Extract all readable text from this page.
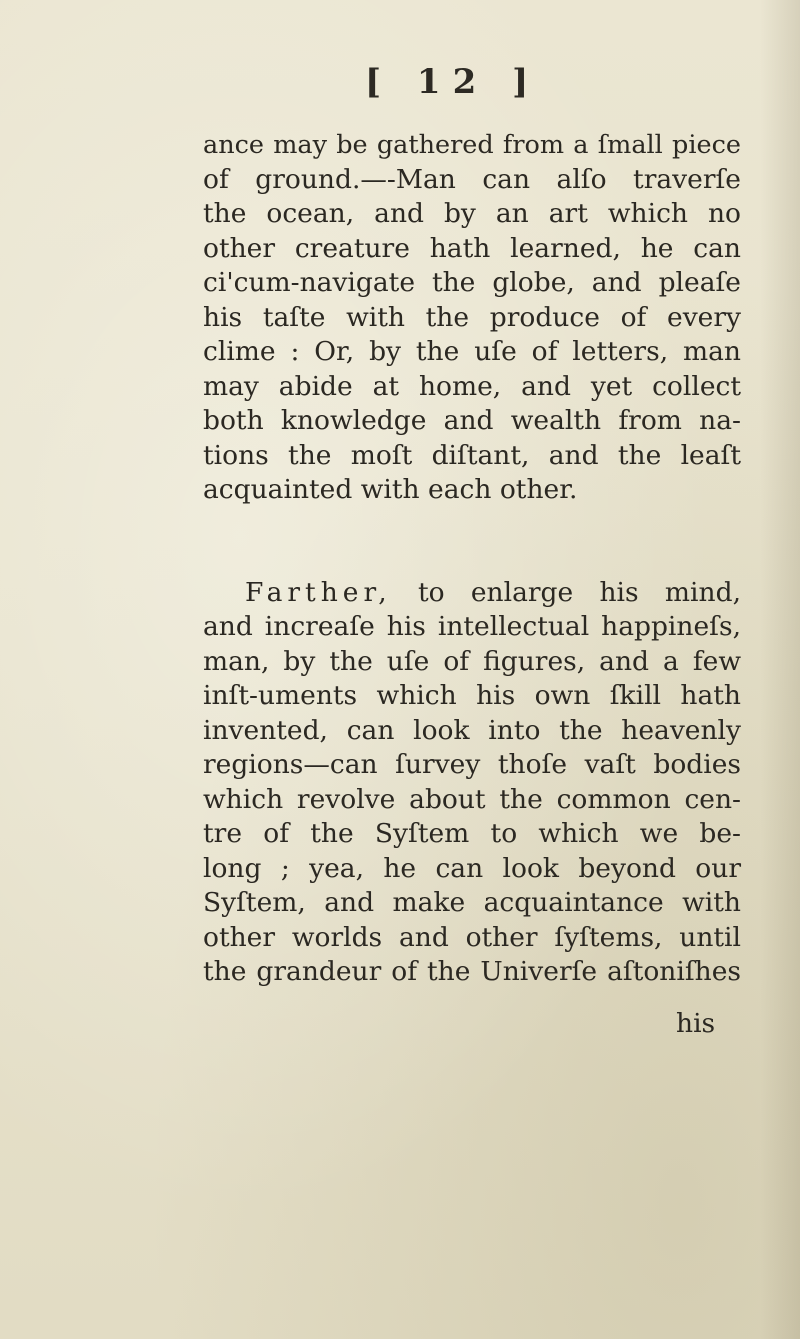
[ 12 ]
ance may be gathered from a ſmall piece
of ground.—-Man can alſo traverſe
the ocean, and by an art which no
other creature hath learned, he can
ci'cum-navigate the globe, and pleaſe
his taſte with the produce of every
clime : Or, by the uſe of letters, man
may abide at home, and yet collect
both knowledge and wealth from na-
tions the moſt diſtant, and the leaſt
acquainted with each other.
Farther, to enlarge his mind,
and increaſe his intellectual happineſs,
man, by the uſe of figures, and a few
inſt-uments which his own ſkill hath
invented, can look into the heavenly
regions—can ſurvey thoſe vaſt bodies
which revolve about the common cen-
tre of the Syſtem to which we be-
long ; yea, he can look beyond our
Syſtem, and make acquaintance with
other worlds and other ſyſtems, until
the grandeur of the Univerſe aſtoniſhes
his
